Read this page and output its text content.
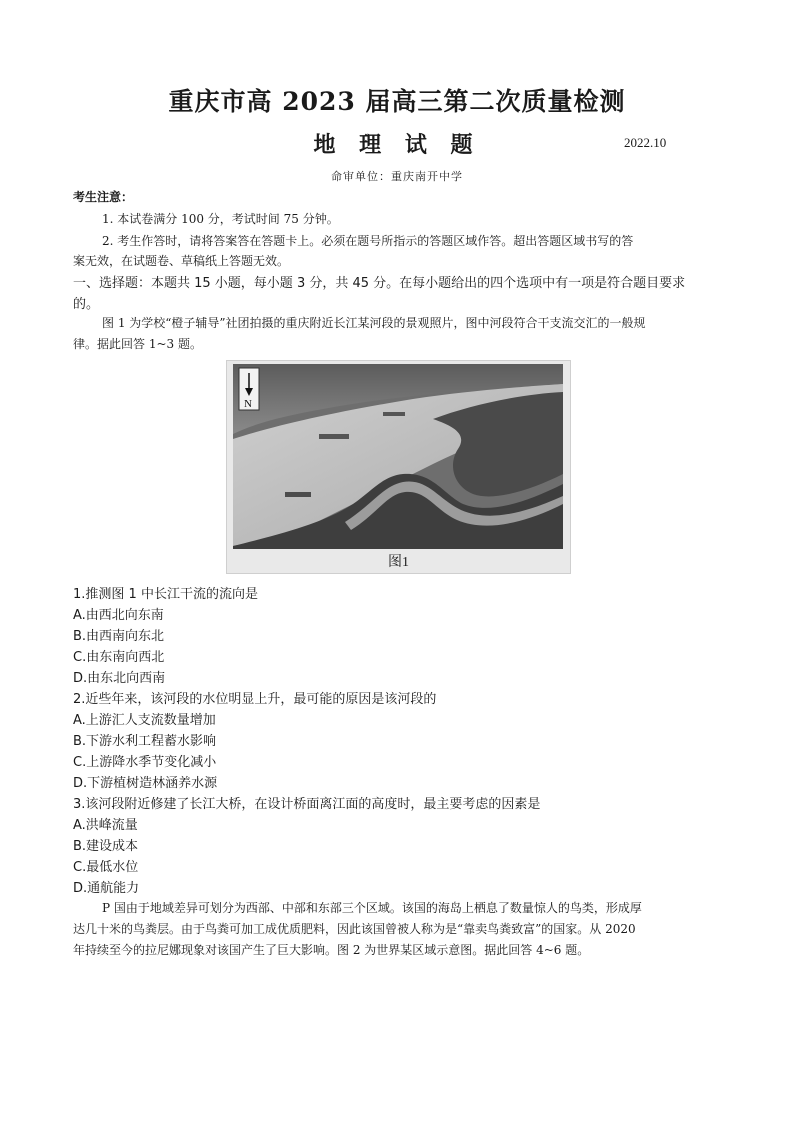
重庆市高 2023 届高三第二次质量检测
地 理 试 题	2022.10
命审单位：重庆南开中学
考生注意：
1. 本试卷满分 100 分，考试时间 75 分钟。
2. 考生作答时，请将答案答在答题卡上。必须在题号所指示的答题区域作答。超出答题区域书写的答
案无效，在试题卷、草稿纸上答题无效。
一、选择题：本题共 15 小题，每小题 3 分，共 45 分。在每小题给出的四个选项中有一项是符合题目要求
的。
图 1 为学校“橙子辅导”社团拍摄的重庆附近长江某河段的景观照片，图中河段符合干支流交汇的一般规
律。据此回答 1~3 题。
N
图1
1.推测图 1 中长江干流的流向是
A.由西北向东南
B.由西南向东北
C.由东南向西北
D.由东北向西南
2.近些年来，该河段的水位明显上升，最可能的原因是该河段的
A.上游汇人支流数量增加
B.下游水利工程蓄水影响
C.上游降水季节变化减小
D.下游植树造林涵养水源
3.该河段附近修建了长江大桥，在设计桥面离江面的高度时，最主要考虑的因素是
A.洪峰流量
B.建设成本
C.最低水位
D.通航能力
P 国由于地域差异可划分为西部、中部和东部三个区域。该国的海岛上栖息了数量惊人的鸟类，形成厚
达几十米的鸟粪层。由于鸟粪可加工成优质肥料，因此该国曾被人称为是“靠卖鸟粪致富”的国家。从 2020
年持续至今的拉尼娜现象对该国产生了巨大影响。图 2 为世界某区域示意图。据此回答 4~6 题。
